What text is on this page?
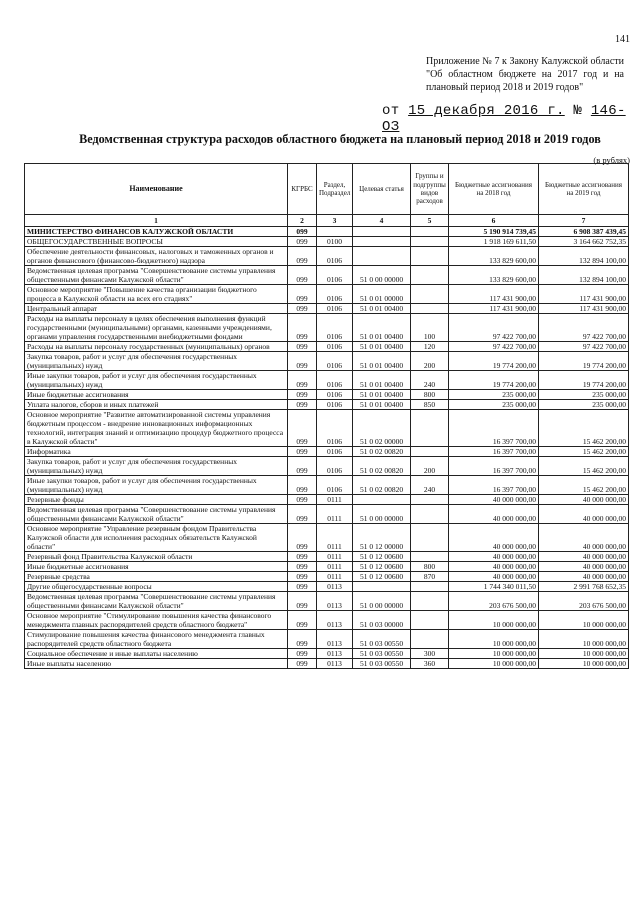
141
Приложение № 7 к Закону Калужской области "Об областном бюджете на 2017 год и на плановый период 2018 и 2019 годов"
от 15 декабря 2016 г. № 146-ОЗ
Ведомственная структура расходов областного бюджета на плановый период 2018 и 2019 годов
(в рублях)
Наименование	КГРБС	Раздел, Подраздел	Целевая статья	Группы и подгруппы видов расходов	Бюджетные ассигнования на 2018 год	Бюджетные ассигнования на 2019 год
1	2	3	4	5	6	7
МИНИСТЕРСТВО ФИНАНСОВ КАЛУЖСКОЙ ОБЛАСТИ	099				5 190 914 739,45	6 908 387 439,45
ОБЩЕГОСУДАРСТВЕННЫЕ ВОПРОСЫ	099	0100			1 918 169 611,50	3 164 662 752,35
Обеспечение деятельности финансовых, налоговых и таможенных органов и органов финансового (финансово-бюджетного) надзора	099	0106			133 829 600,00	132 894 100,00
Ведомственная целевая программа "Совершенствование системы управления общественными финансами Калужской области"	099	0106	51 0 00 00000		133 829 600,00	132 894 100,00
Основное мероприятие "Повышение качества организации бюджетного процесса в Калужской области на всех его стадиях"	099	0106	51 0 01 00000		117 431 900,00	117 431 900,00
Центральный аппарат	099	0106	51 0 01 00400		117 431 900,00	117 431 900,00
Расходы на выплаты персоналу в целях обеспечения выполнения функций государственными (муниципальными) органами, казенными учреждениями, органами управления государственными внебюджетными фондами	099	0106	51 0 01 00400	100	97 422 700,00	97 422 700,00
Расходы на выплаты персоналу государственных (муниципальных) органов	099	0106	51 0 01 00400	120	97 422 700,00	97 422 700,00
Закупка товаров, работ и услуг для обеспечения государственных (муниципальных) нужд	099	0106	51 0 01 00400	200	19 774 200,00	19 774 200,00
Иные закупки товаров, работ и услуг для обеспечения государственных (муниципальных) нужд	099	0106	51 0 01 00400	240	19 774 200,00	19 774 200,00
Иные бюджетные ассигнования	099	0106	51 0 01 00400	800	235 000,00	235 000,00
Уплата налогов, сборов и иных платежей	099	0106	51 0 01 00400	850	235 000,00	235 000,00
Основное мероприятие "Развитие автоматизированной системы управления бюджетным процессом - внедрение инновационных информационных технологий, интеграция знаний и оптимизацию процедур бюджетного процесса в Калужской области"	099	0106	51 0 02 00000		16 397 700,00	15 462 200,00
Информатика	099	0106	51 0 02 00820		16 397 700,00	15 462 200,00
Закупка товаров, работ и услуг для обеспечения государственных (муниципальных) нужд	099	0106	51 0 02 00820	200	16 397 700,00	15 462 200,00
Иные закупки товаров, работ и услуг для обеспечения государственных (муниципальных) нужд	099	0106	51 0 02 00820	240	16 397 700,00	15 462 200,00
Резервные фонды	099	0111			40 000 000,00	40 000 000,00
Ведомственная целевая программа "Совершенствование системы управления общественными финансами Калужской области"	099	0111	51 0 00 00000		40 000 000,00	40 000 000,00
Основное мероприятие "Управление резервным фондом Правительства Калужской области для исполнения расходных обязательств Калужской области"	099	0111	51 0 12 00000		40 000 000,00	40 000 000,00
Резервный фонд Правительства Калужской области	099	0111	51 0 12 00600		40 000 000,00	40 000 000,00
Иные бюджетные ассигнования	099	0111	51 0 12 00600	800	40 000 000,00	40 000 000,00
Резервные средства	099	0111	51 0 12 00600	870	40 000 000,00	40 000 000,00
Другие общегосударственные вопросы	099	0113			1 744 340 011,50	2 991 768 652,35
Ведомственная целевая программа "Совершенствование системы управления общественными финансами Калужской области"	099	0113	51 0 00 00000		203 676 500,00	203 676 500,00
Основное мероприятие "Стимулирование повышения качества финансового менеджмента главных распорядителей средств областного бюджета"	099	0113	51 0 03 00000		10 000 000,00	10 000 000,00
Стимулирование повышения качества финансового менеджмента главных распорядителей средств областного бюджета	099	0113	51 0 03 00550		10 000 000,00	10 000 000,00
Социальное обеспечение и иные выплаты населению	099	0113	51 0 03 00550	300	10 000 000,00	10 000 000,00
Иные выплаты населению	099	0113	51 0 03 00550	360	10 000 000,00	10 000 000,00
